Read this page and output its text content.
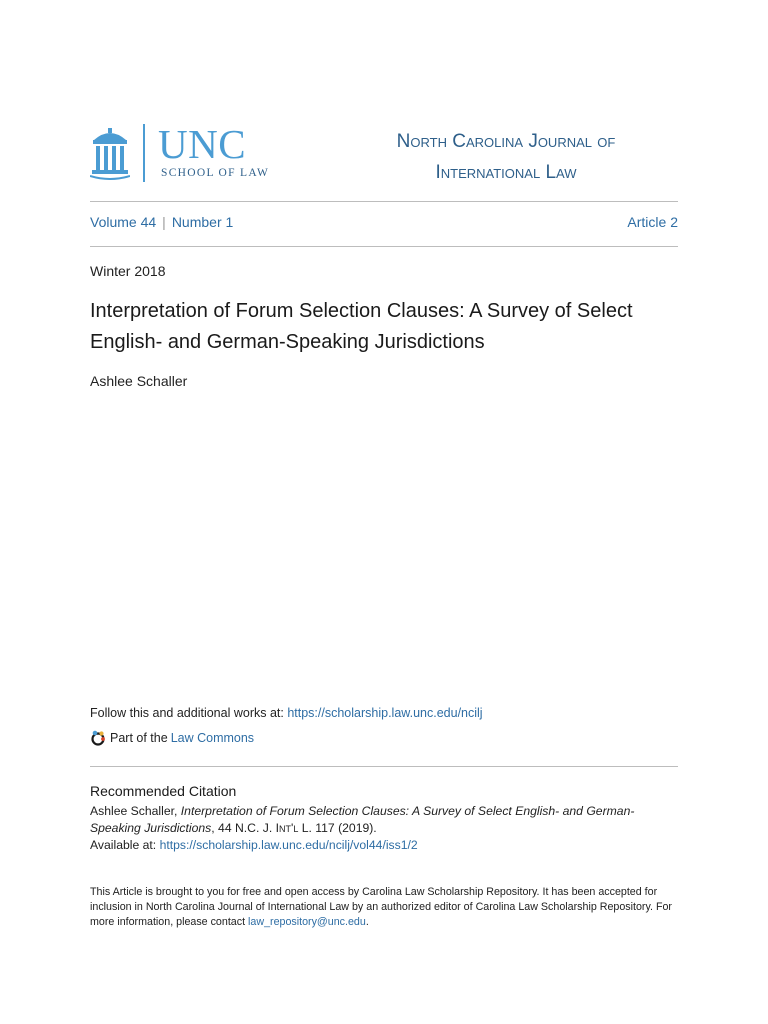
UNC
SCHOOL OF LAW
North Carolina Journal of
International Law
Volume 44 | Number 1	Article 2
Winter 2018
Interpretation of Forum Selection Clauses: A Survey of Select English- and German-Speaking Jurisdictions
Ashlee Schaller
Follow this and additional works at: https://scholarship.law.unc.edu/ncilj
Part of the Law Commons
Recommended Citation
Ashlee Schaller, Interpretation of Forum Selection Clauses: A Survey of Select English- and German-Speaking Jurisdictions, 44 N.C. J. Int'l L. 117 (2019).
Available at: https://scholarship.law.unc.edu/ncilj/vol44/iss1/2
This Article is brought to you for free and open access by Carolina Law Scholarship Repository. It has been accepted for inclusion in North Carolina Journal of International Law by an authorized editor of Carolina Law Scholarship Repository. For more information, please contact law_repository@unc.edu.
